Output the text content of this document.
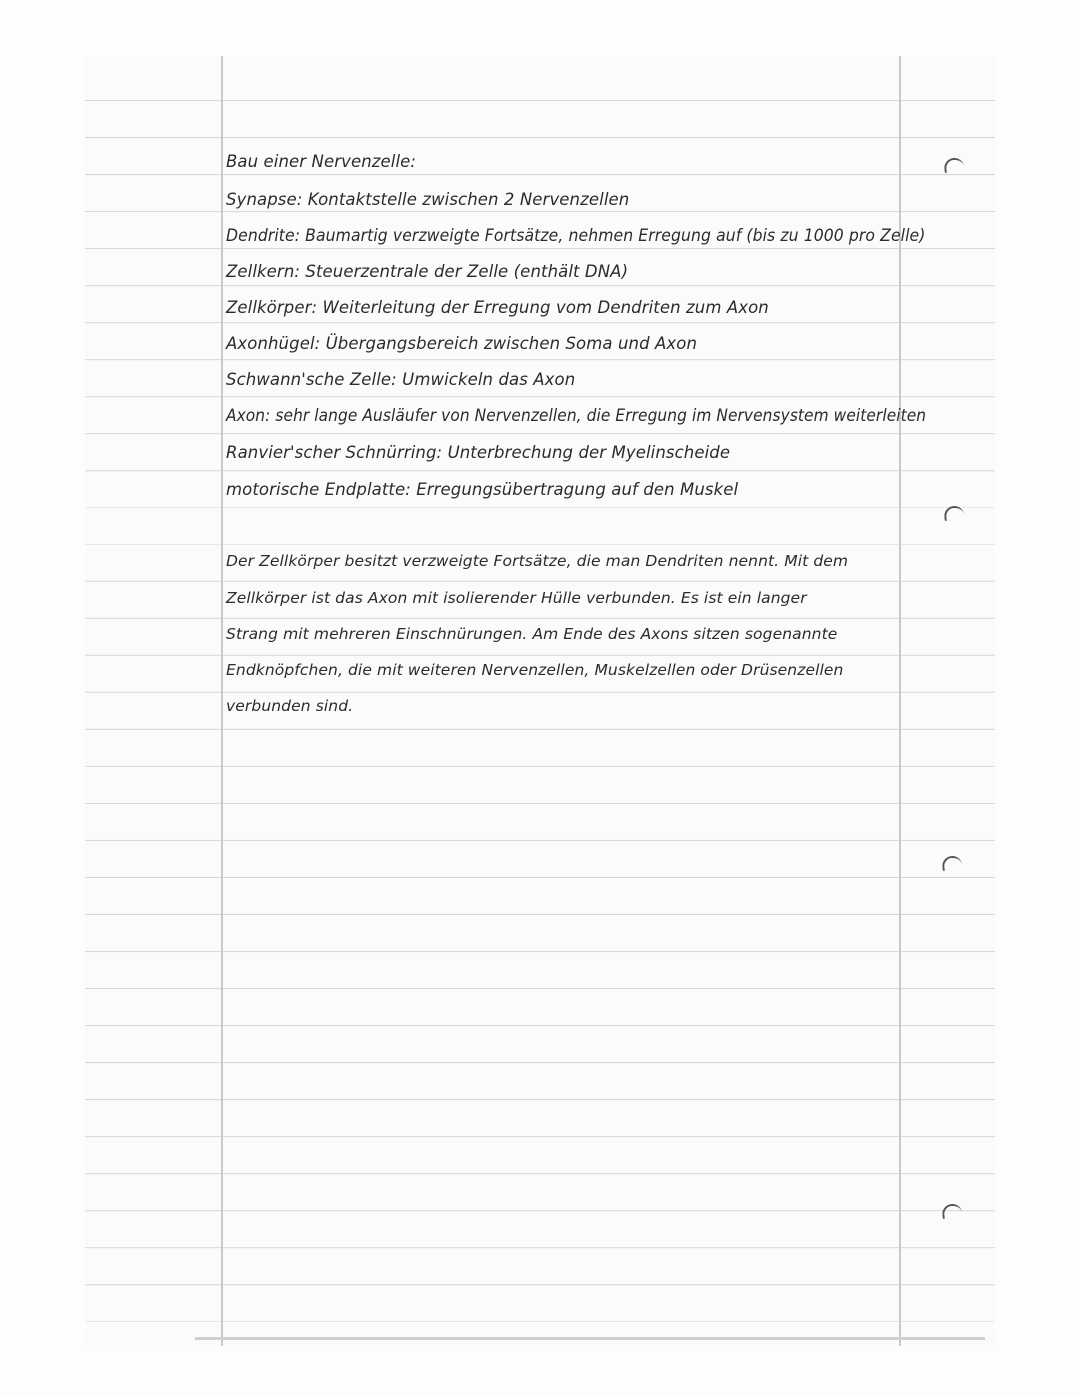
Bau einer Nervenzelle:
Synapse: Kontaktstelle zwischen 2 Nervenzellen
Dendrite: Baumartig verzweigte Fortsätze, nehmen Erregung auf (bis zu 1000 pro Zelle)
Zellkern: Steuerzentrale der Zelle (enthält DNA)
Zellkörper: Weiterleitung der Erregung vom Dendriten zum Axon
Axonhügel: Übergangsbereich zwischen Soma und Axon
Schwann'sche Zelle: Umwickeln das Axon
Axon: sehr lange Ausläufer von Nervenzellen, die Erregung im Nervensystem weiterleiten
Ranvier'scher Schnürring: Unterbrechung der Myelinscheide
motorische Endplatte: Erregungsübertragung auf den Muskel
Der Zellkörper besitzt verzweigte Fortsätze, die man Dendriten nennt. Mit dem
Zellkörper ist das Axon mit isolierender Hülle verbunden. Es ist ein langer
Strang mit mehreren Einschnürungen. Am Ende des Axons sitzen sogenannte
Endknöpfchen, die mit weiteren Nervenzellen, Muskelzellen oder Drüsenzellen
verbunden sind.
